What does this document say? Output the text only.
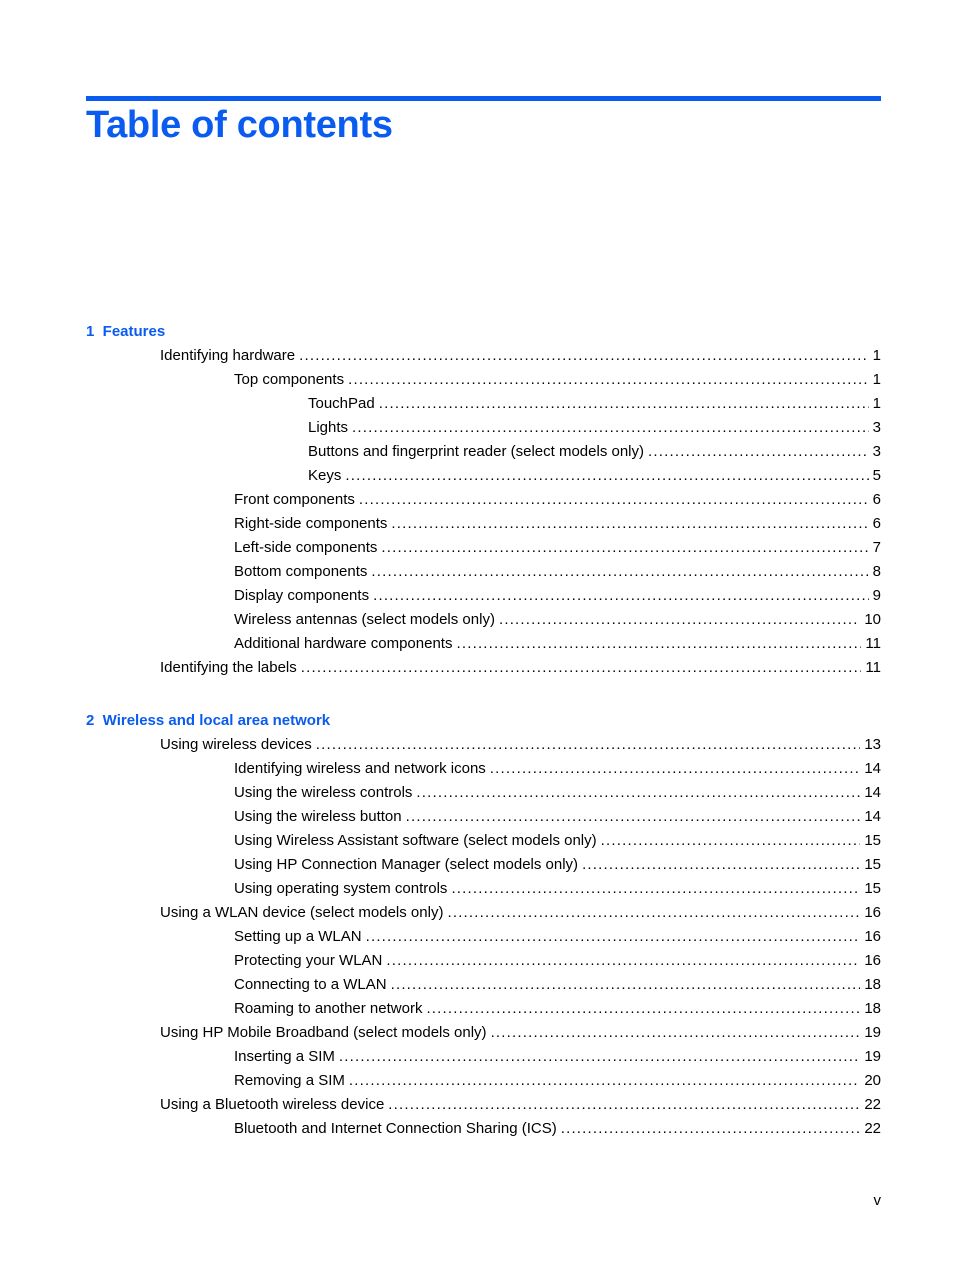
Table of contents
1  Features
Identifying hardware .....	1
Top components .....	1
TouchPad .....	1
Lights .....	3
Buttons and fingerprint reader (select models only) .....	3
Keys .....	5
Front components .....	6
Right-side components .....	6
Left-side components .....	7
Bottom components .....	8
Display components .....	9
Wireless antennas (select models only) .....	10
Additional hardware components .....	11
Identifying the labels .....	11
2  Wireless and local area network
Using wireless devices .....	13
Identifying wireless and network icons .....	14
Using the wireless controls .....	14
Using the wireless button .....	14
Using Wireless Assistant software (select models only) .....	15
Using HP Connection Manager (select models only) .....	15
Using operating system controls .....	15
Using a WLAN device (select models only) .....	16
Setting up a WLAN .....	16
Protecting your WLAN .....	16
Connecting to a WLAN .....	18
Roaming to another network .....	18
Using HP Mobile Broadband (select models only) .....	19
Inserting a SIM .....	19
Removing a SIM .....	20
Using a Bluetooth wireless device .....	22
Bluetooth and Internet Connection Sharing (ICS) .....	22
v
